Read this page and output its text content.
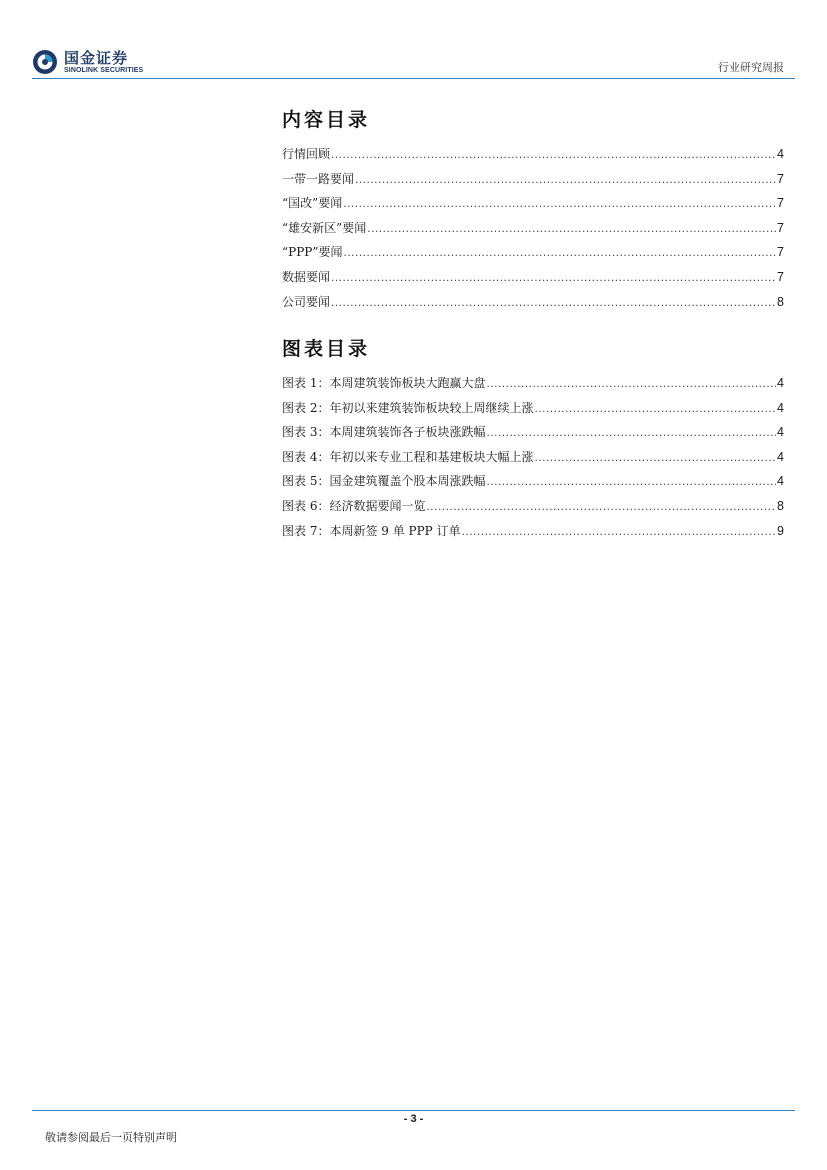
国金证券
SINOLINK SECURITIES	行业研究周报
内容目录
行情回顾 .....	4
一带一路要闻 .....	7
“国改”要闻 .....	7
“雄安新区”要闻 .....	7
“PPP”要闻 .....	7
数据要闻 .....	7
公司要闻 .....	8
图表目录
图表 1：本周建筑装饰板块大跑赢大盘 .....	4
图表 2：年初以来建筑装饰板块较上周继续上涨 .....	4
图表 3：本周建筑装饰各子板块涨跌幅 .....	4
图表 4：年初以来专业工程和基建板块大幅上涨 .....	4
图表 5：国金建筑覆盖个股本周涨跌幅 .....	4
图表 6：经济数据要闻一览 .....	8
图表 7：本周新签 9 单 PPP 订单 .....	9
- 3 -
敬请参阅最后一页特别声明
